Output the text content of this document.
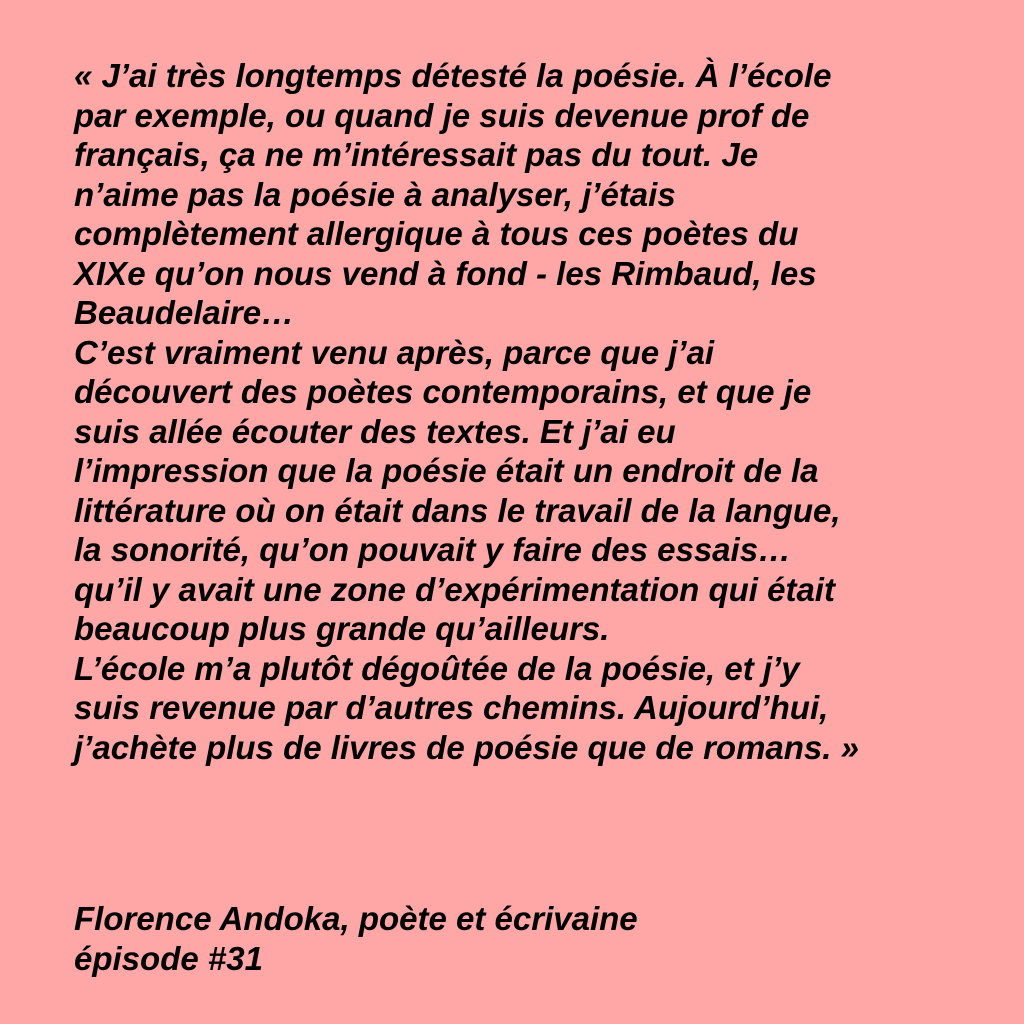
« J’ai très longtemps détesté la poésie. À l’école
par exemple, ou quand je suis devenue prof de
français, ça ne m’intéressait pas du tout. Je
n’aime pas la poésie à analyser, j’étais
complètement allergique à tous ces poètes du
XIXe qu’on nous vend à fond - les Rimbaud, les
Beaudelaire…
C’est vraiment venu après, parce que j’ai
découvert des poètes contemporains, et que je
suis allée écouter des textes. Et j’ai eu
l’impression que la poésie était un endroit de la
littérature où on était dans le travail de la langue,
la sonorité, qu’on pouvait y faire des essais…
qu’il y avait une zone d’expérimentation qui était
beaucoup plus grande qu’ailleurs.
L’école m’a plutôt dégoûtée de la poésie, et j’y
suis revenue par d’autres chemins. Aujourd’hui,
j’achète plus de livres de poésie que de romans. »

Florence Andoka, poète et écrivaine
épisode #31
